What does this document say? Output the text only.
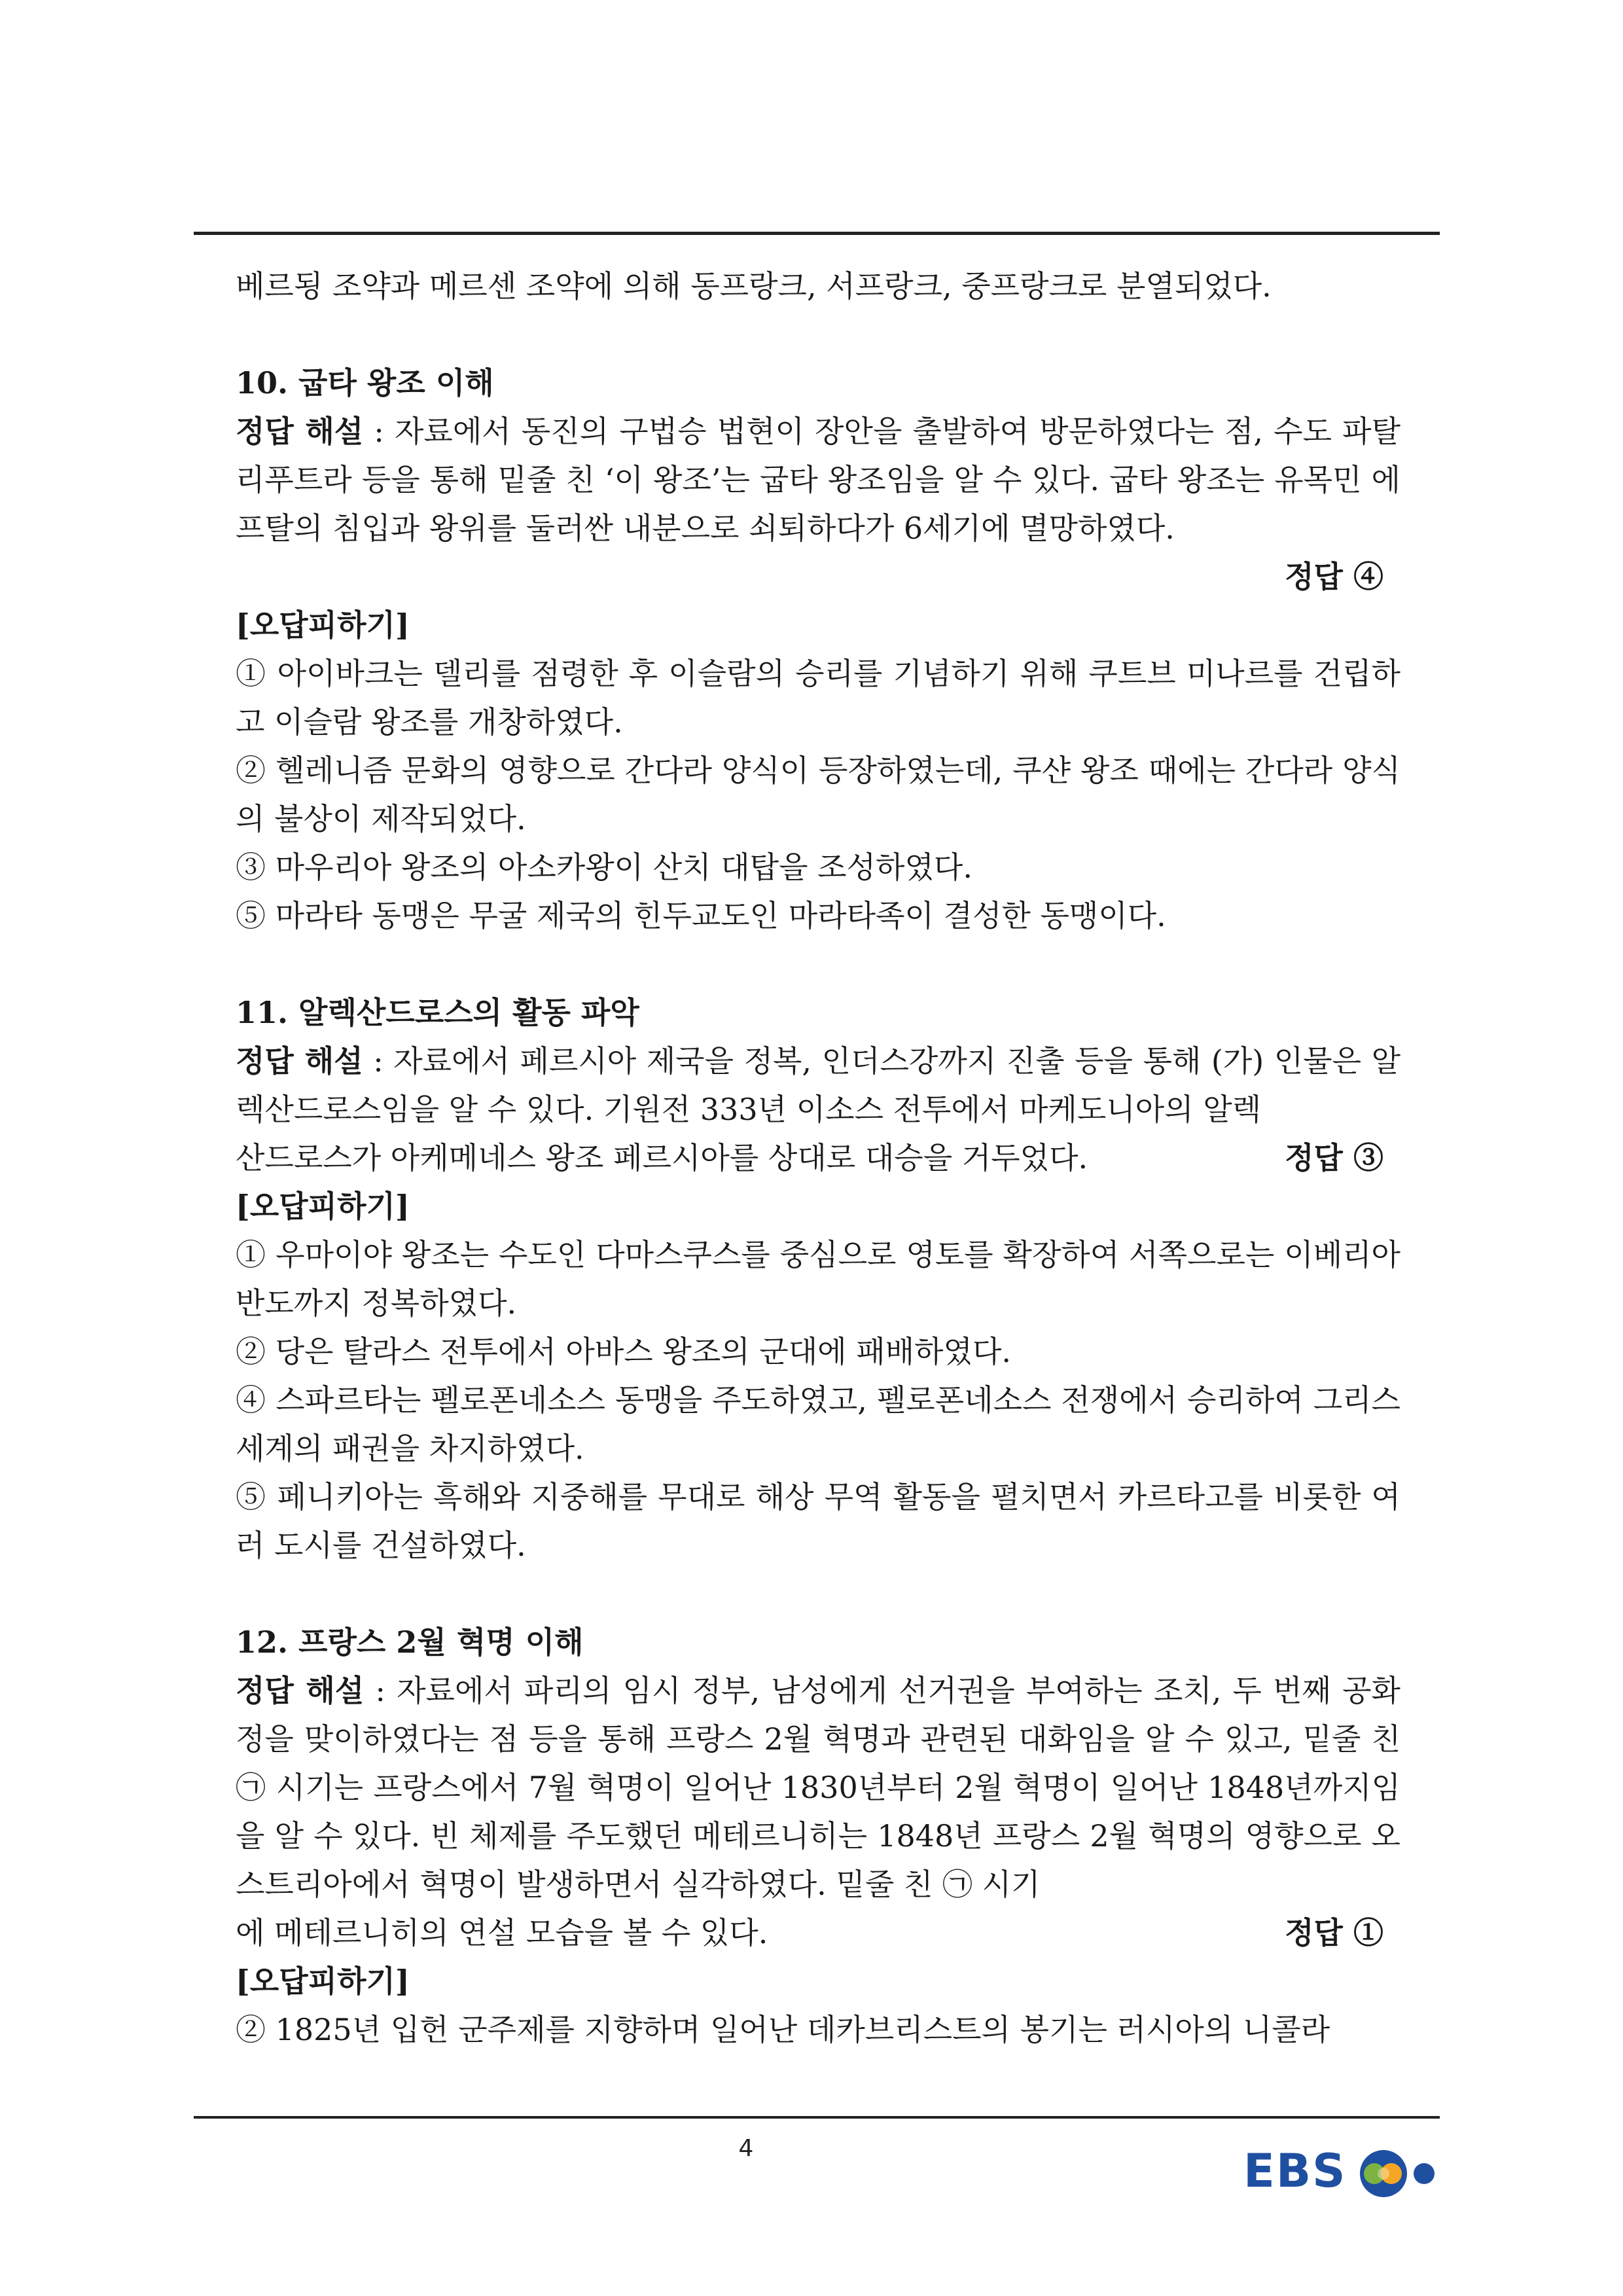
베르됭 조약과 메르센 조약에 의해 동프랑크, 서프랑크, 중프랑크로 분열되었다.

10. 굽타 왕조 이해

정답 해설 : 자료에서 동진의 구법승 법현이 장안을 출발하여 방문하였다는 점, 수도 파탈리푸트라 등을 통해 밑줄 친 ‘이 왕조’는 굽타 왕조임을 알 수 있다. 굽타 왕조는 유목민 에프탈의 침입과 왕위를 둘러싼 내분으로 쇠퇴하다가 6세기에 멸망하였다.

정답 ④

[오답피하기]

① 아이바크는 델리를 점령한 후 이슬람의 승리를 기념하기 위해 쿠트브 미나르를 건립하고 이슬람 왕조를 개창하였다.

② 헬레니즘 문화의 영향으로 간다라 양식이 등장하였는데, 쿠샨 왕조 때에는 간다라 양식의 불상이 제작되었다.

③ 마우리아 왕조의 아소카왕이 산치 대탑을 조성하였다.

⑤ 마라타 동맹은 무굴 제국의 힌두교도인 마라타족이 결성한 동맹이다.

11. 알렉산드로스의 활동 파악

정답 해설 : 자료에서 페르시아 제국을 정복, 인더스강까지 진출 등을 통해 (가) 인물은 알렉산드로스임을 알 수 있다. 기원전 333년 이소스 전투에서 마케도니아의 알렉

산드로스가 아케메네스 왕조 페르시아를 상대로 대승을 거두었다.	정답 ③

[오답피하기]

① 우마이야 왕조는 수도인 다마스쿠스를 중심으로 영토를 확장하여 서쪽으로는 이베리아반도까지 정복하였다.

② 당은 탈라스 전투에서 아바스 왕조의 군대에 패배하였다.

④ 스파르타는 펠로폰네소스 동맹을 주도하였고, 펠로폰네소스 전쟁에서 승리하여 그리스 세계의 패권을 차지하였다.

⑤ 페니키아는 흑해와 지중해를 무대로 해상 무역 활동을 펼치면서 카르타고를 비롯한 여러 도시를 건설하였다.

12. 프랑스 2월 혁명 이해

정답 해설 : 자료에서 파리의 임시 정부, 남성에게 선거권을 부여하는 조치, 두 번째 공화정을 맞이하였다는 점 등을 통해 프랑스 2월 혁명과 관련된 대화임을 알 수 있고, 밑줄 친 ㉠ 시기는 프랑스에서 7월 혁명이 일어난 1830년부터 2월 혁명이 일어난 1848년까지임을 알 수 있다. 빈 체제를 주도했던 메테르니히는 1848년 프랑스 2월 혁명의 영향으로 오스트리아에서 혁명이 발생하면서 실각하였다. 밑줄 친 ㉠ 시기

에 메테르니히의 연설 모습을 볼 수 있다.	정답 ①

[오답피하기]

② 1825년 입헌 군주제를 지향하며 일어난 데카브리스트의 봉기는 러시아의 니콜라

4	EBS
